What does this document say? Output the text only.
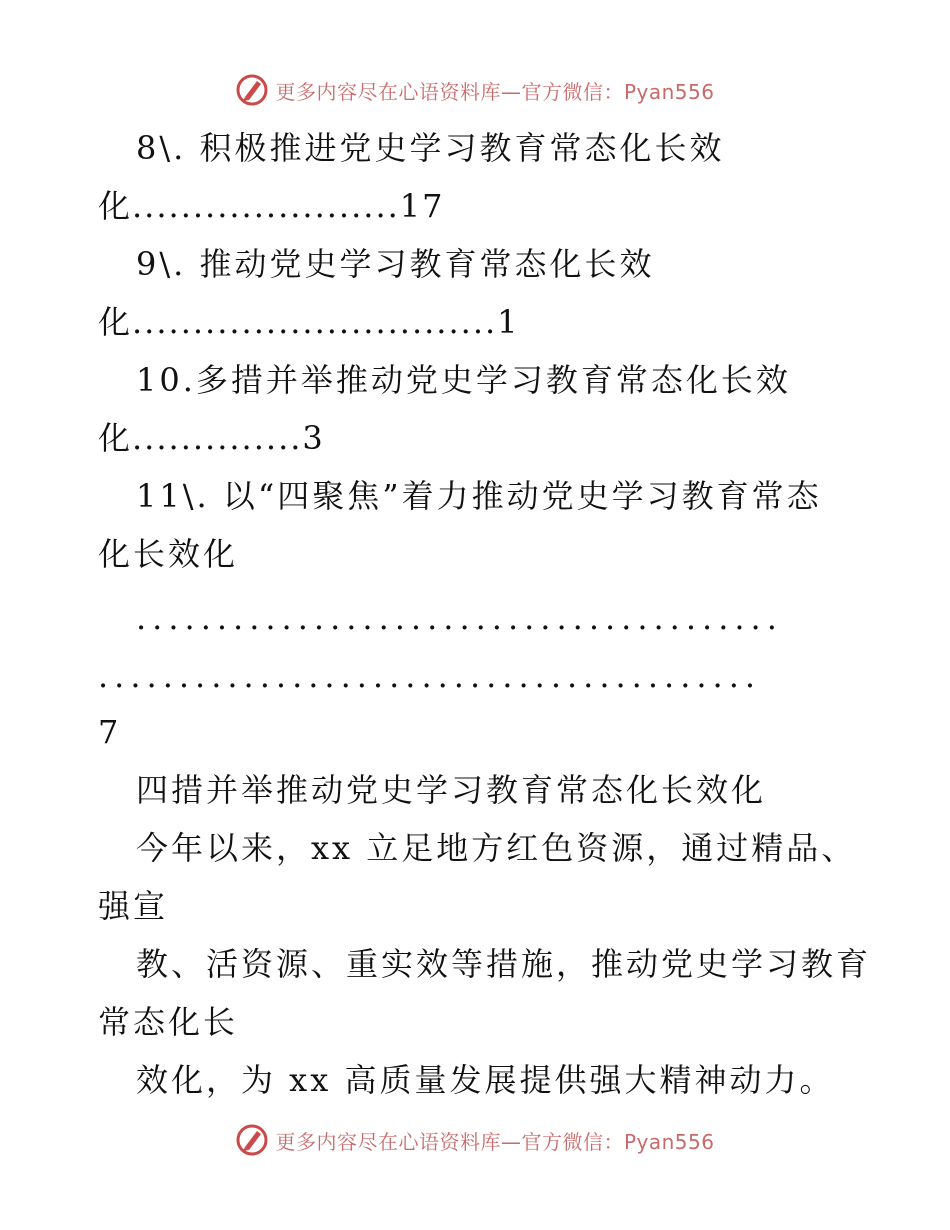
更多内容尽在心语资料库—官方微信：Pyan556
8\. 积极推进党史学习教育常态化长效
化......................17
9\. 推动党史学习教育常态化长效
化..............................1
10.多措并举推动党史学习教育常态化长效
化..............3
11\. 以“四聚焦”着力推动党史学习教育常态
化长效化
........................................
.........................................
7
四措并举推动党史学习教育常态化长效化
今年以来，xx 立足地方红色资源，通过精品、
强宣
教、活资源、重实效等措施，推动党史学习教育
常态化长
效化，为 xx 高质量发展提供强大精神动力。
更多内容尽在心语资料库—官方微信：Pyan556
